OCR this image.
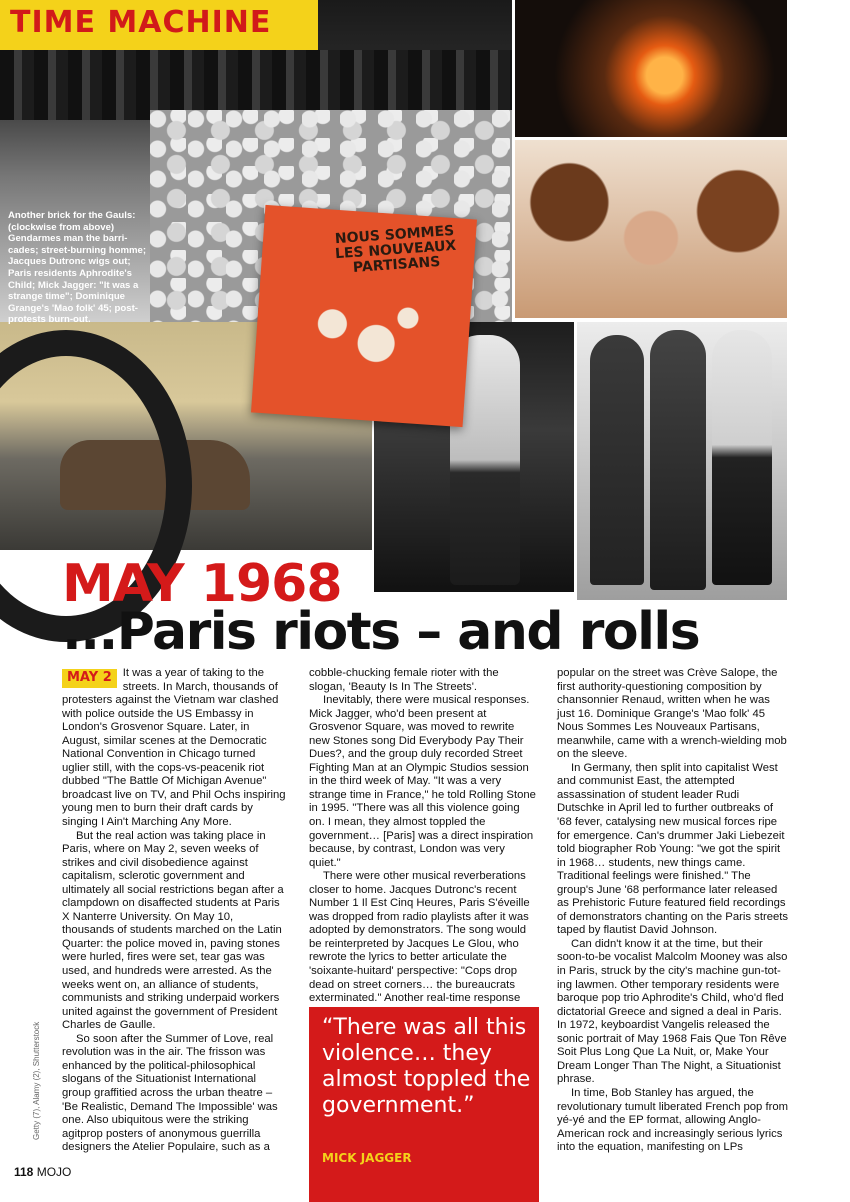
NOUS SOMMES LES NOUVEAUX PARTISANS
TIME MACHINE
Another brick for the Gauls: (clockwise from above) Gendarmes man the barri-cades; street-burning homme; Jacques Dutronc wigs out; Paris residents Aphrodite's Child; Mick Jagger: "It was a strange time"; Dominique Grange's 'Mao folk' 45; post-protests burn-out.
MAY 1968
...Paris riots – and rolls

MAY 2 It was a year of taking to the streets. In March, thousands of protesters against the Vietnam war clashed with police outside the US Embassy in London's Grosvenor Square. Later, in August, similar scenes at the Democratic National Convention in Chicago turned uglier still, with the cops-vs-peacenik riot dubbed "The Battle Of Michigan Avenue" broadcast live on TV, and Phil Ochs inspiring young men to burn their draft cards by singing I Ain't Marching Any More.

But the real action was taking place in Paris, where on May 2, seven weeks of strikes and civil disobedience against capitalism, sclerotic government and ultimately all social restrictions began after a clampdown on disaffected students at Paris X Nanterre University. On May 10, thousands of students marched on the Latin Quarter: the police moved in, paving stones were hurled, fires were set, tear gas was used, and hundreds were arrested. As the weeks went on, an alliance of students, communists and striking underpaid workers united against the government of President Charles de Gaulle.

So soon after the Summer of Love, real revolution was in the air. The frisson was enhanced by the political-philosophical slogans of the Situationist International group graffitied across the urban theatre – 'Be Realistic, Demand The Impossible' was one. Also ubiquitous were the striking agitprop posters of anonymous guerrilla designers the Atelier Populaire, such as a

cobble-chucking female rioter with the slogan, 'Beauty Is In The Streets'.

Inevitably, there were musical responses. Mick Jagger, who'd been present at Grosvenor Square, was moved to rewrite new Stones song Did Everybody Pay Their Dues?, and the group duly recorded Street Fighting Man at an Olympic Studios session in the third week of May. "It was a very strange time in France," he told Rolling Stone in 1995. "There was all this violence going on. I mean, they almost toppled the government… [Paris] was a direct inspiration because, by contrast, London was very quiet."

There were other musical reverberations closer to home. Jacques Dutronc's recent Number 1 Il Est Cinq Heures, Paris S'éveille was dropped from radio playlists after it was adopted by demonstrators. The song would be reinterpreted by Jacques Le Glou, who rewrote the lyrics to better articulate the 'soixante-huitard' perspective: "Cops drop dead on street corners… the bureaucrats exterminated." Another real-time response

popular on the street was Crève Salope, the first authority-questioning composition by chansonnier Renaud, written when he was just 16. Dominique Grange's 'Mao folk' 45 Nous Sommes Les Nouveaux Partisans, meanwhile, came with a wrench-wielding mob on the sleeve.

In Germany, then split into capitalist West and communist East, the attempted assassination of student leader Rudi Dutschke in April led to further outbreaks of '68 fever, catalysing new musical forces ripe for emergence. Can's drummer Jaki Liebezeit told biographer Rob Young: "we got the spirit in 1968… students, new things came. Traditional feelings were finished." The group's June '68 performance later released as Prehistoric Future featured field recordings of demonstrators chanting on the Paris streets taped by flautist David Johnson.

Can didn't know it at the time, but their soon-to-be vocalist Malcolm Mooney was also in Paris, struck by the city's machine gun-tot-ing lawmen. Other temporary residents were baroque pop trio Aphrodite's Child, who'd fled dictatorial Greece and signed a deal in Paris. In 1972, keyboardist Vangelis released the sonic portrait of May 1968 Fais Que Ton Rêve Soit Plus Long Que La Nuit, or, Make Your Dream Longer Than The Night, a Situationist phrase.

In time, Bob Stanley has argued, the revolutionary tumult liberated French pop from yé-yé and the EP format, allowing Anglo-American rock and increasingly serious lyrics into the equation, manifesting on LPs

“There was all this violence… they almost toppled the government.”
MICK JAGGER
Getty (7), Alamy (2), Shutterstock
118 MOJO
